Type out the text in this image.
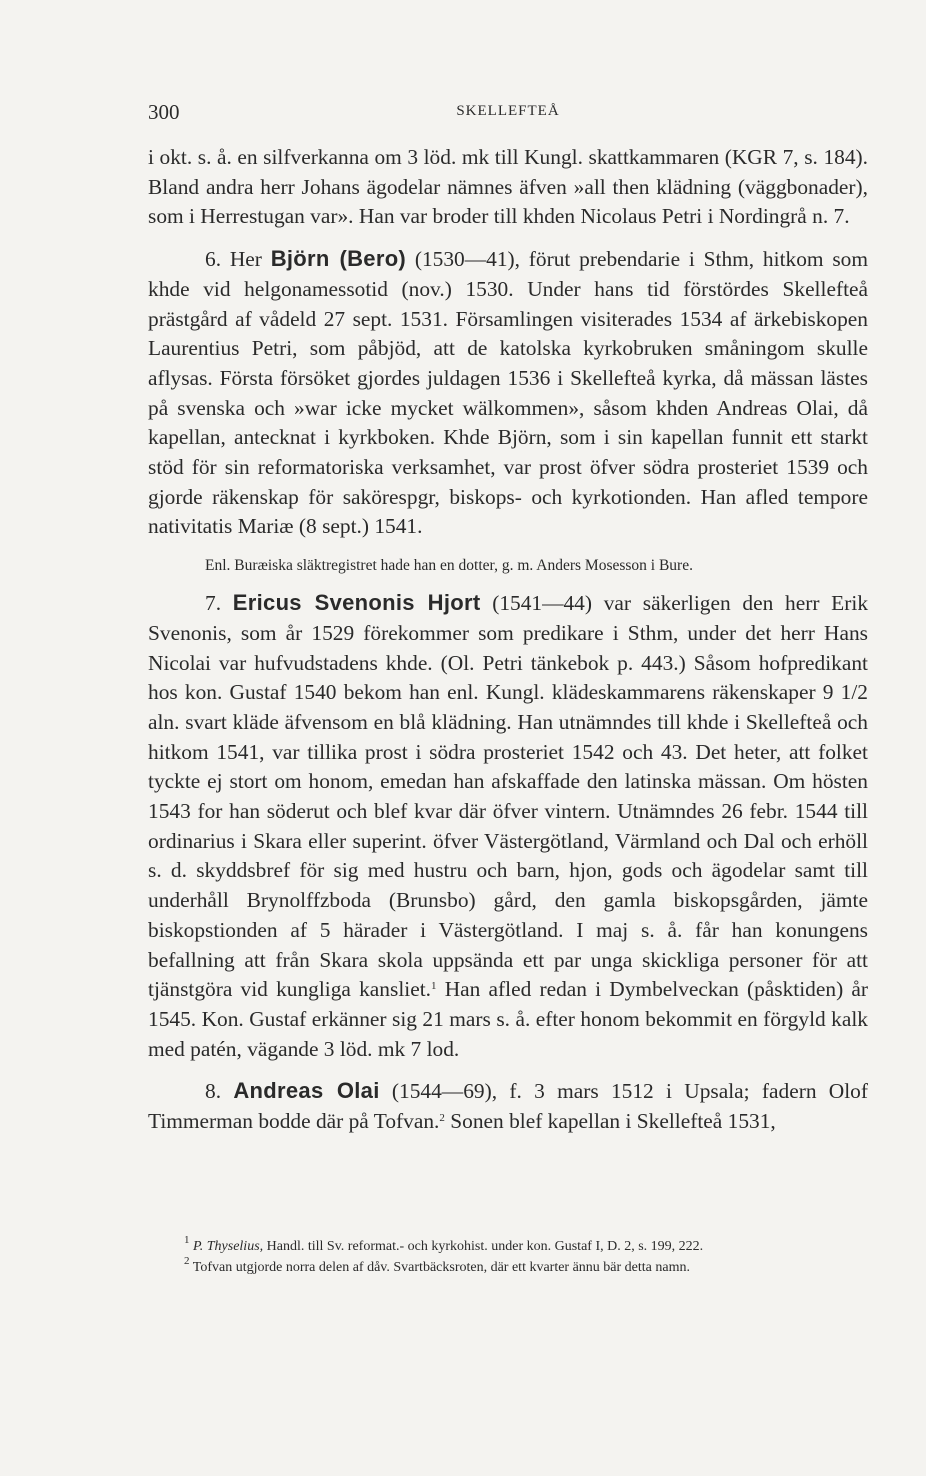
300	SKELLEFTEÅ

i okt. s. å. en silfverkanna om 3 löd. mk till Kungl. skattkammaren (KGR 7, s. 184). Bland andra herr Johans ägodelar nämnes äfven »all then klädning (väggbonader), som i Herrestugan var». Han var broder till khden Nicolaus Petri i Nordingrå n. 7.

6. Her Björn (Bero) (1530—41), förut prebendarie i Sthm, hitkom som khde vid helgonamessotid (nov.) 1530. Under hans tid förstördes Skellefteå prästgård af vådeld 27 sept. 1531. Församlingen visiterades 1534 af ärkebiskopen Laurentius Petri, som påbjöd, att de katolska kyrkobruken småningom skulle aflysas. Första försöket gjordes juldagen 1536 i Skellefteå kyrka, då mässan lästes på svenska och »war icke mycket wälkommen», såsom khden Andreas Olai, då kapellan, antecknat i kyrkboken. Khde Björn, som i sin kapellan funnit ett starkt stöd för sin reformatoriska verksamhet, var prost öfver södra prosteriet 1539 och gjorde räkenskap för sakörespgr, biskops- och kyrkotionden. Han afled tempore nativitatis Mariæ (8 sept.) 1541.

Enl. Buræiska släktregistret hade han en dotter, g. m. Anders Mosesson i Bure.

7. Ericus Svenonis Hjort (1541—44) var säkerligen den herr Erik Svenonis, som år 1529 förekommer som predikare i Sthm, under det herr Hans Nicolai var hufvudstadens khde. (Ol. Petri tänkebok p. 443.) Såsom hofpredikant hos kon. Gustaf 1540 bekom han enl. Kungl. klädeskammarens räkenskaper 9 1/2 aln. svart kläde äfvensom en blå klädning. Han utnämndes till khde i Skellefteå och hitkom 1541, var tillika prost i södra prosteriet 1542 och 43. Det heter, att folket tyckte ej stort om honom, emedan han afskaffade den latinska mässan. Om hösten 1543 for han söderut och blef kvar där öfver vintern. Utnämndes 26 febr. 1544 till ordinarius i Skara eller superint. öfver Västergötland, Värmland och Dal och erhöll s. d. skyddsbref för sig med hustru och barn, hjon, gods och ägodelar samt till underhåll Brynolffzboda (Brunsbo) gård, den gamla biskopsgården, jämte biskopstionden af 5 härader i Västergötland. I maj s. å. får han konungens befallning att från Skara skola uppsända ett par unga skickliga personer för att tjänstgöra vid kungliga kansliet.$^1$ Han afled redan i Dymbelveckan (påsktiden) år 1545. Kon. Gustaf erkänner sig 21 mars s. å. efter honom bekommit en förgyld kalk med patén, vägande 3 löd. mk 7 lod.

8. Andreas Olai (1544—69), f. 3 mars 1512 i Upsala; fadern Olof Timmerman bodde där på Tofvan.$^2$ Sonen blef kapellan i Skellefteå 1531,

$^1$ P. Thyselius, Handl. till Sv. reformat.- och kyrkohist. under kon. Gustaf I, D. 2, s. 199, 222.

$^2$ Tofvan utgjorde norra delen af dåv. Svartbäcksroten, där ett kvarter ännu bär detta namn.
